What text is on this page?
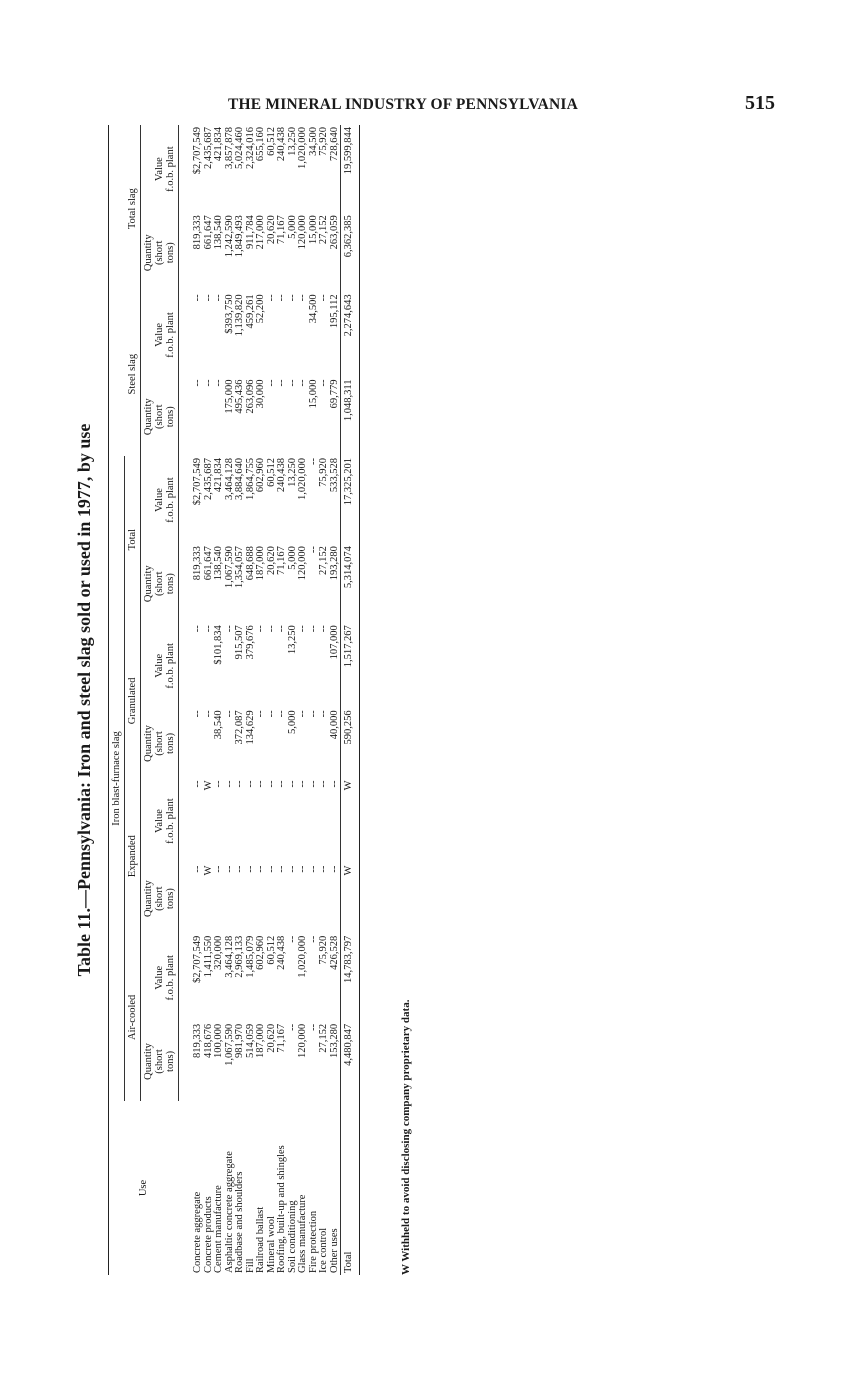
THE MINERAL INDUSTRY OF PENNSYLVANIA	515
Table 11.—Pennsylvania: Iron and steel slag sold or used in 1977, by use
Use	Iron blast-furnace slag								Steel slag		Total slag	
	Air-cooled		Expanded		Granulated		Total					
	Quantity
(short
tons)	Value
f.o.b. plant	Quantity
(short
tons)	Value
f.o.b. plant	Quantity
(short
tons)	Value
f.o.b. plant	Quantity
(short
tons)	Value
f.o.b. plant	Quantity
(short
tons)	Value
f.o.b. plant	Quantity
(short
tons)	Value
f.o.b. plant

Concrete aggregate	819,333	$2,707,549	--	--	--	--	819,333	$2,707,549	--	--	819,333	$2,707,549
Concrete products	418,676	1,411,550	W	W	--	--	661,647	2,435,687	--	--	661,647	2,435,687
Cement manufacture	100,000	320,000	--	--	38,540	$101,834	138,540	421,834	--	--	138,540	421,834
Asphaltic concrete aggregate	1,067,590	3,464,128	--	--	--	--	1,067,590	3,464,128	175,000	$393,750	1,242,590	3,857,878
Roadbase and shoulders	981,970	2,969,133	--	--	372,087	915,507	1,354,057	3,884,640	495,436	1,139,820	1,849,493	5,024,460
Fill	514,059	1,485,079	--	--	134,629	379,676	648,688	1,864,755	263,096	459,261	911,784	2,324,016
Railroad ballast	187,000	602,960	--	--	--	--	187,000	602,960	30,000	52,200	217,000	655,160
Mineral wool	20,620	60,512	--	--	--	--	20,620	60,512	--	--	20,620	60,512
Roofing, built-up and shingles	71,167	240,438	--	--	--	--	71,167	240,438	--	--	71,167	240,438
Soil conditioning	--	--	--	--	5,000	13,250	5,000	13,250	--	--	5,000	13,250
Glass manufacture	120,000	1,020,000	--	--	--	--	120,000	1,020,000	--	--	120,000	1,020,000
Fire protection	--	--	--	--	--	--	--	--	15,000	34,500	15,000	34,500
Ice control	27,152	75,920	--	--	--	--	27,152	75,920	--	--	27,152	75,920
Other uses	153,280	426,528	--	--	40,000	107,000	193,280	533,528	69,779	195,112	263,059	728,640
Total	4,480,847	14,783,797	W	W	590,256	1,517,267	5,314,074	17,325,201	1,048,311	2,274,643	6,362,385	19,599,844
W Withheld to avoid disclosing company proprietary data.
